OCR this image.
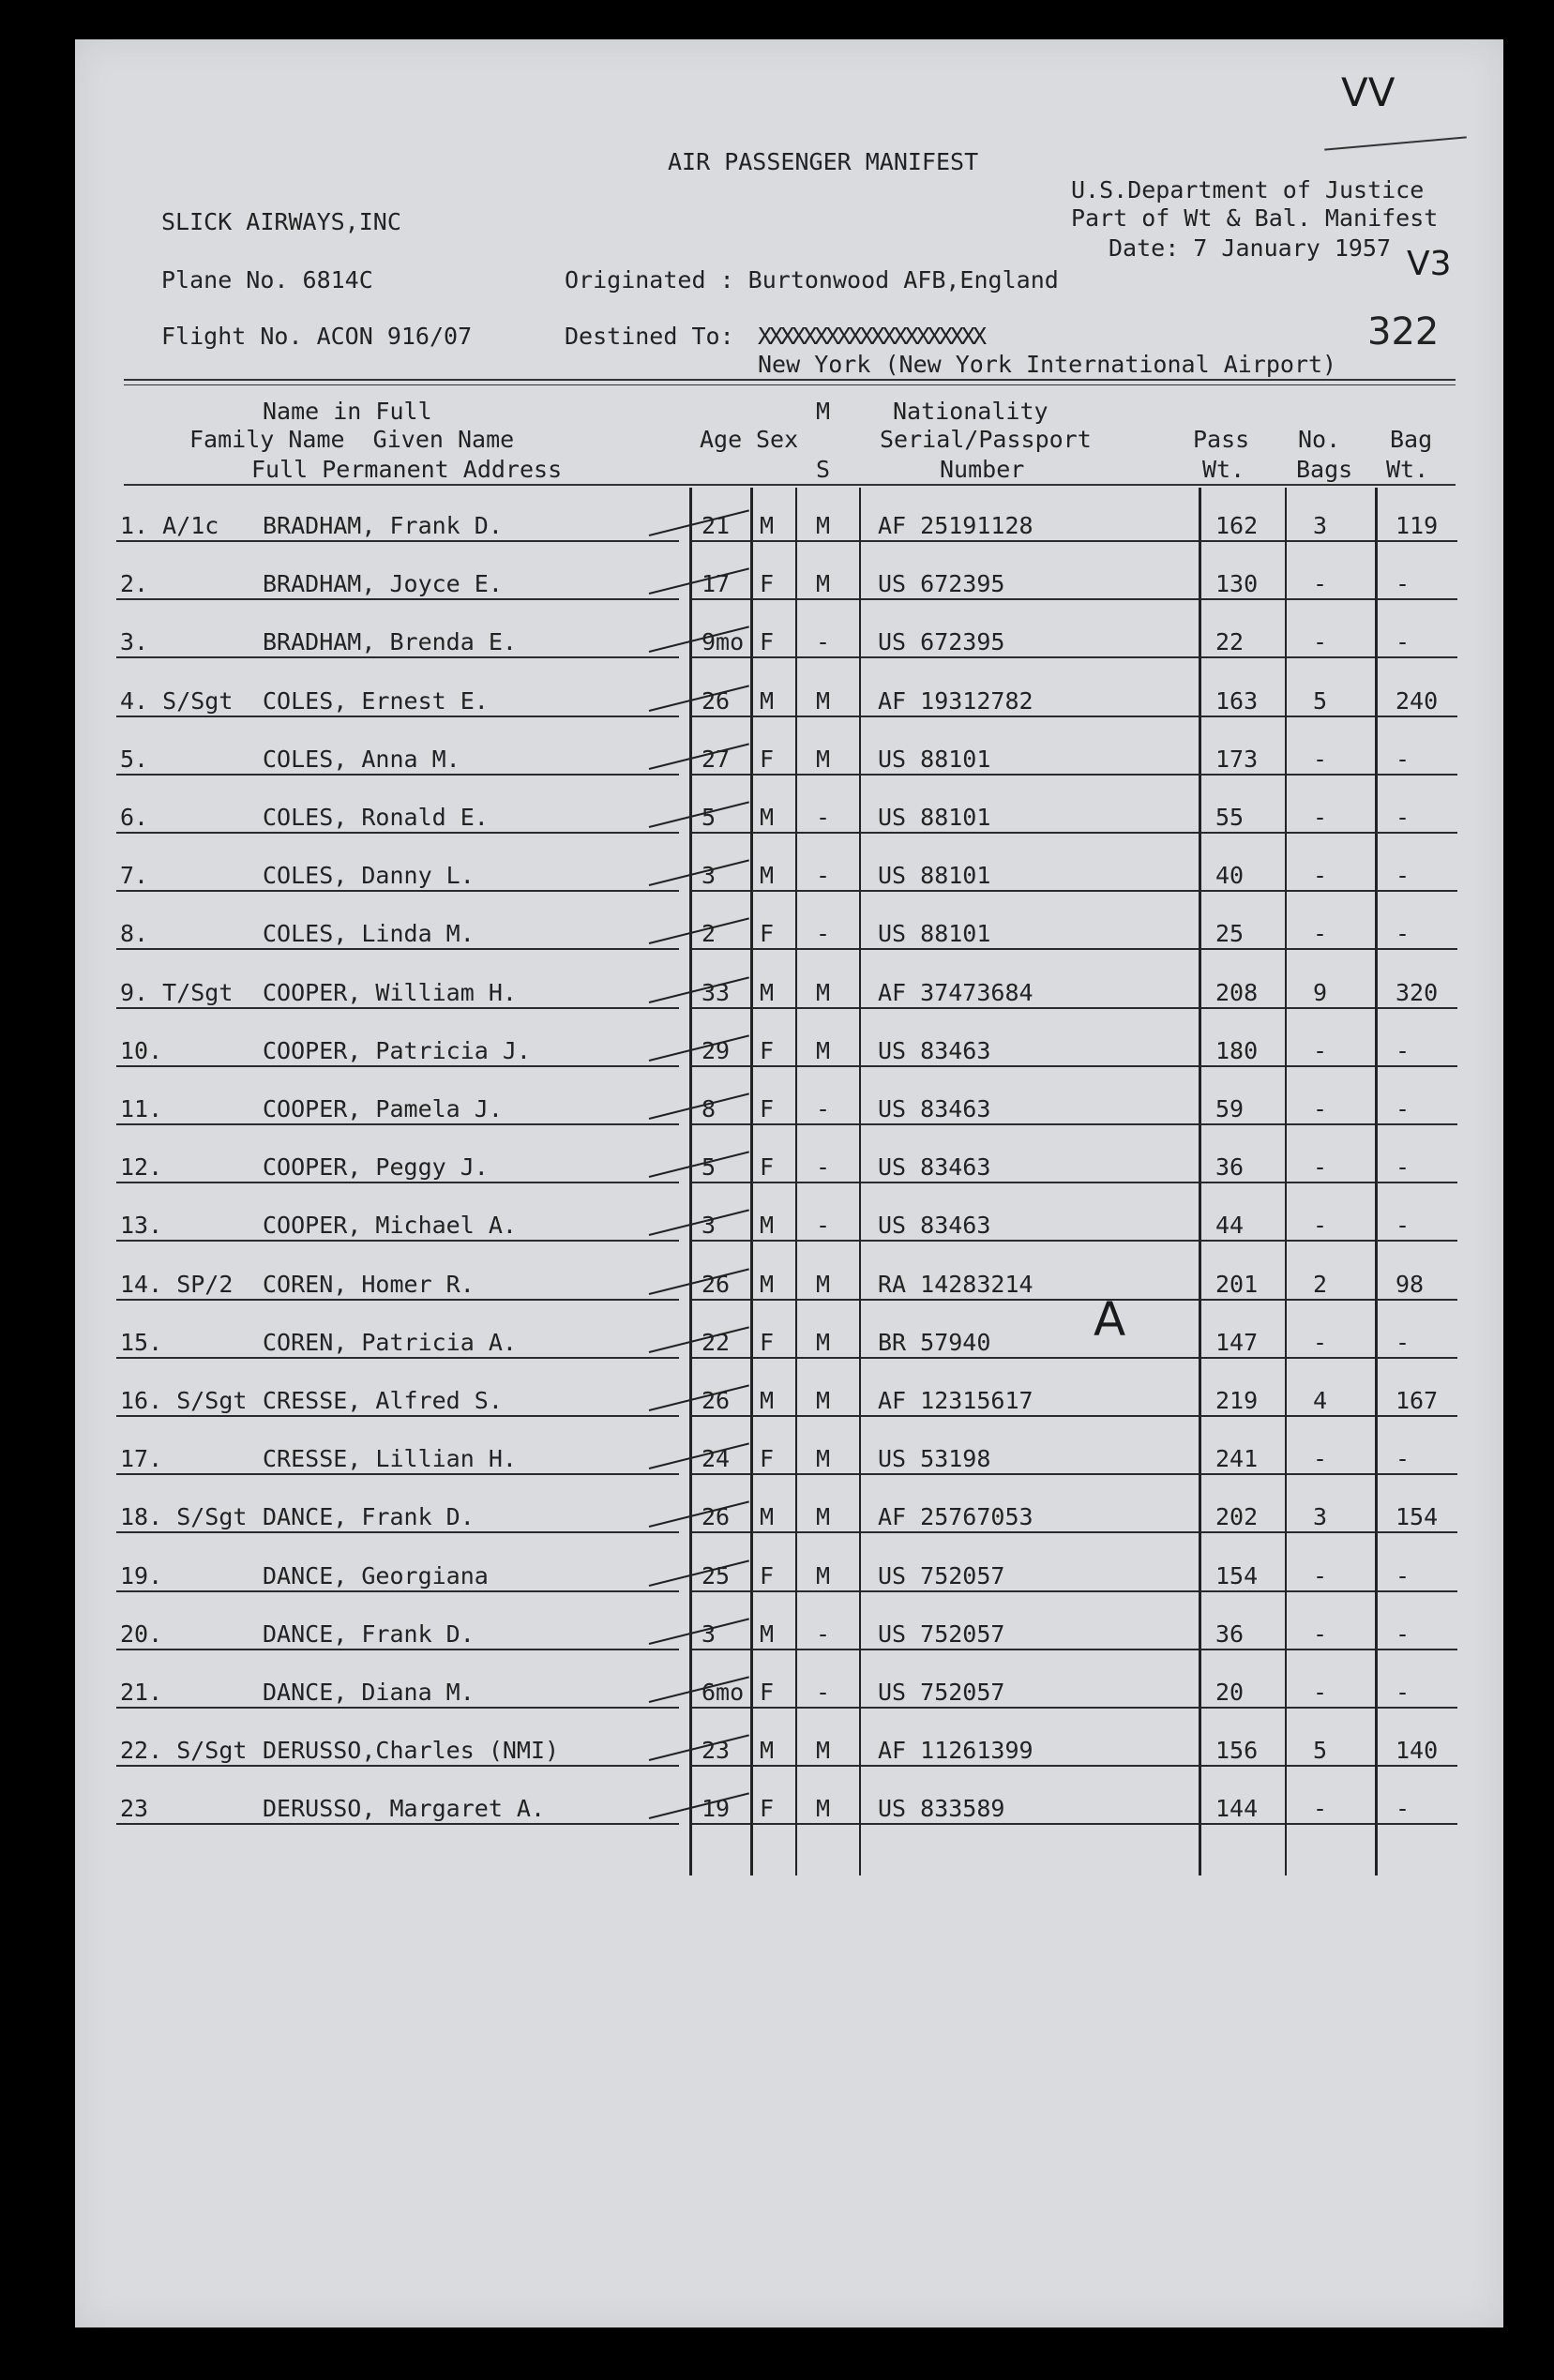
AIR PASSENGER MANIFEST
SLICK AIRWAYS,INC
U.S.Department of Justice
Part of Wt & Bal. Manifest
Date: 7 January 1957
Plane No. 6814C	Originated : Burtonwood AFB,England
Flight No. ACON 916/07	Destined To: XXXXXXXXXXXXXXXXXXXX
New York (New York International Airport)
322
VV
V3
Name in Full
Family Name  Given Name
Full Permanent Address
Age Sex
M
S
Nationality
Serial/Passport
Number
Pass
Wt.
No.
Bags
Bag
Wt.
1. A/1c BRADHAM, Frank D.	21 M M AF 25191128	162 3	119
2.	BRADHAM, Joyce E.	17 F M US 672395	130 -	-
3.	BRADHAM, Brenda E.	9mo F - US 672395	22	-	-
4. S/Sgt COLES, Ernest E.	26 M M AF 19312782	163 5	240
5.	COLES, Anna M.	27 F M US 88101	173 -	-
6.	COLES, Ronald E.	5 M - US 88101	55	-	-
7.	COLES, Danny L.	3 M - US 88101	40	-	-
8.	COLES, Linda M.	2 F - US 88101	25	-	-
9. T/Sgt COOPER, William H.	33 M M AF 37473684	208 9	320
10.	COOPER, Patricia J.	29 F M US 83463	180 -	-
11.	COOPER, Pamela J.	8 F - US 83463	59	-	-
12.	COOPER, Peggy J.	5 F - US 83463	36	-	-
13.	COOPER, Michael A.	3 M - US 83463	44	-	-
14. SP/2 COREN, Homer R.	26 M M RA 14283214	201 2	98
15.	COREN, Patricia A.	22 F M BR 57940	147 -	-
16. S/Sgt CRESSE, Alfred S.	26 M M AF 12315617	219 4	167
17.	CRESSE, Lillian H.	24 F M US 53198	241 -	-
18. S/Sgt DANCE, Frank D.	26 M M AF 25767053	202 3	154
19.	DANCE, Georgiana	25 F M US 752057	154 -	-
20.	DANCE, Frank D.	3 M - US 752057	36	-	-
21.	DANCE, Diana M.	6mo F - US 752057	20	-	-
22. S/Sgt DERUSSO,Charles (NMI)	23 M M AF 11261399	156 5	140
23	DERUSSO, Margaret A.	19 F M US 833589	144 -	-
A
